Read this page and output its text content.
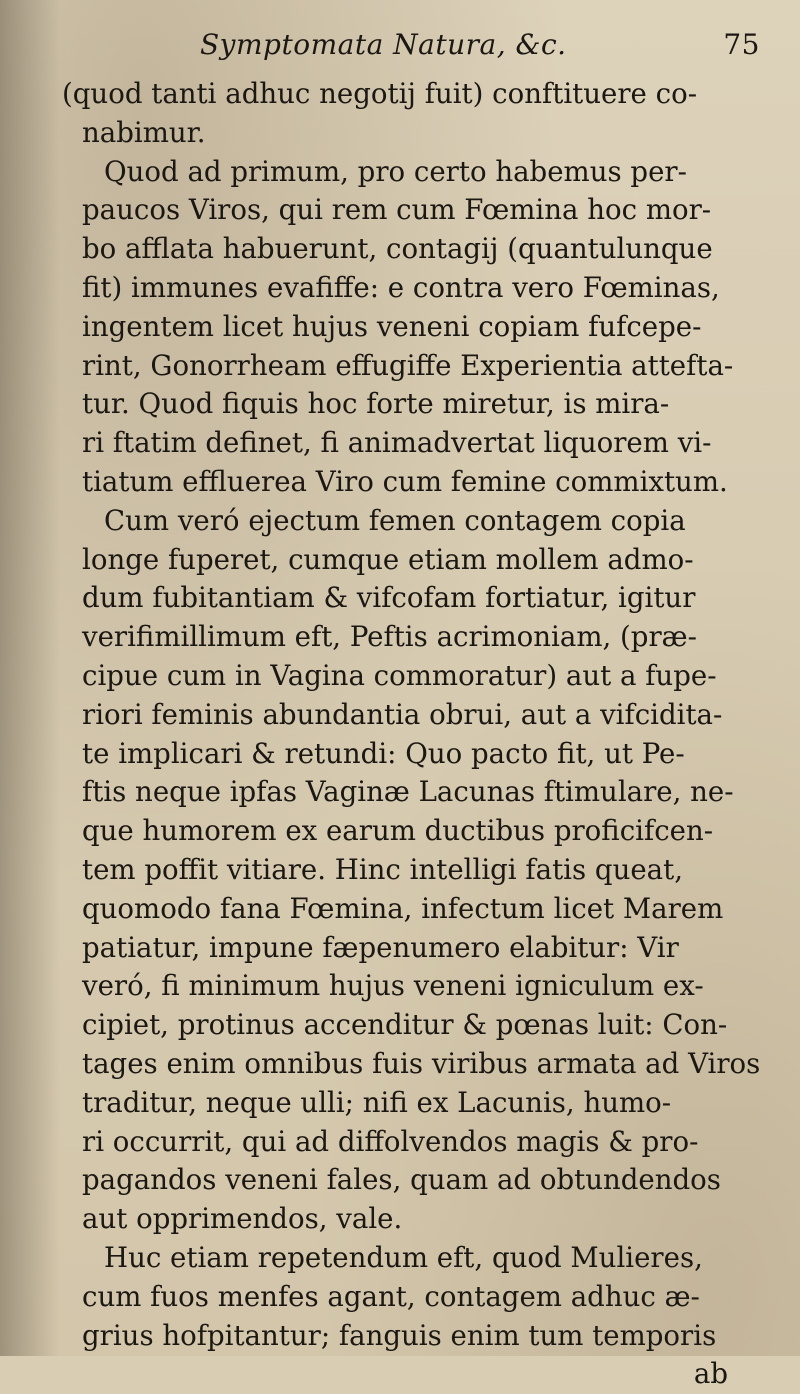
Symptomata Natura, &c.	75
(quod tanti adhuc negotij fuit) conftituere co-
nabimur.
Quod ad primum, pro certo habemus per-
paucos Viros, qui rem cum Fœmina hoc mor-
bo afflata habuerunt, contagij (quantulunque
fit) immunes evafiffe: e contra vero Fœminas,
ingentem licet hujus veneni copiam fufcepe-
rint, Gonorrheam effugiffe Experientia attefta-
tur. Quod fiquis hoc forte miretur, is mira-
ri ftatim definet, fi animadvertat liquorem vi-
tiatum effluerea Viro cum femine commixtum.
Cum veró ejectum femen contagem copia
longe fuperet, cumque etiam mollem admo-
dum fubitantiam & vifcofam fortiatur, igitur
verifimillimum eft, Peftis acrimoniam, (præ-
cipue cum in Vagina commoratur) aut a fupe-
riori feminis abundantia obrui, aut a vifcidita-
te implicari & retundi: Quo pacto fit, ut Pe-
ftis neque ipfas Vaginæ Lacunas ftimulare, ne-
que humorem ex earum ductibus proficifcen-
tem poffit vitiare. Hinc intelligi fatis queat,
quomodo fana Fœmina, infectum licet Marem
patiatur, impune fæpenumero elabitur: Vir
veró, fi minimum hujus veneni igniculum ex-
cipiet, protinus accenditur & pœnas luit: Con-
tages enim omnibus fuis viribus armata ad Viros
traditur, neque ulli; nifi ex Lacunis, humo-
ri occurrit, qui ad diffolvendos magis & pro-
pagandos veneni fales, quam ad obtundendos
aut opprimendos, vale.
Huc etiam repetendum eft, quod Mulieres,
cum fuos menfes agant, contagem adhuc æ-
grius hofpitantur; fanguis enim tum temporis
ab
